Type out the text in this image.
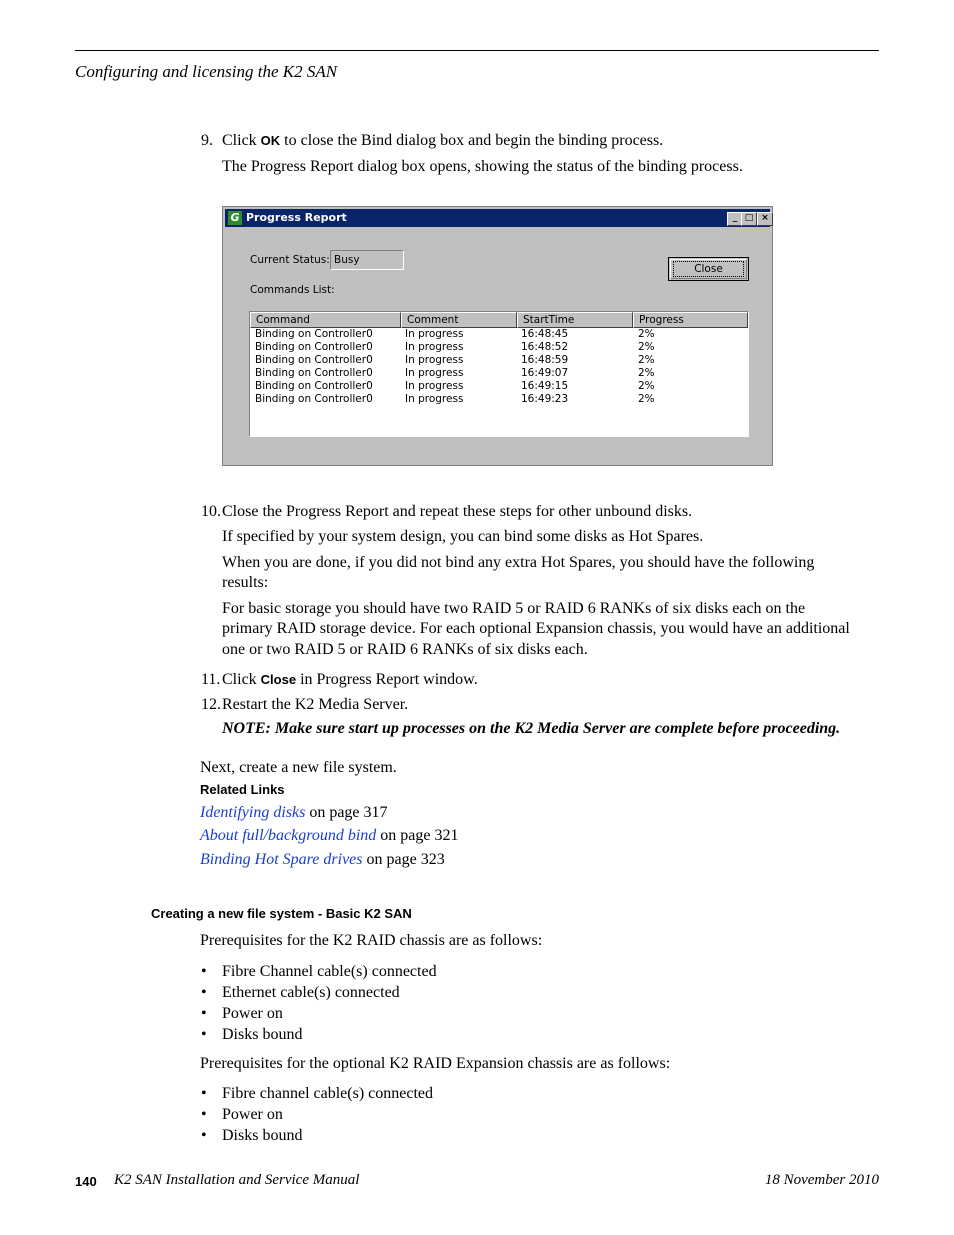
Configuring and licensing the K2 SAN
9. Click OK to close the Bind dialog box and begin the binding process.
The Progress Report dialog box opens, showing the status of the binding process.
G Progress Report	_ □ ×
Current Status: Busy
Commands List:
Close
Command	Comment	StartTime	Progress
Binding on Controller0	In progress	16:48:45	2%
Binding on Controller0	In progress	16:48:52	2%
Binding on Controller0	In progress	16:48:59	2%
Binding on Controller0	In progress	16:49:07	2%
Binding on Controller0	In progress	16:49:15	2%
Binding on Controller0	In progress	16:49:23	2%
10. Close the Progress Report and repeat these steps for other unbound disks.
If specified by your system design, you can bind some disks as Hot Spares.
When you are done, if you did not bind any extra Hot Spares, you should have the following
results:
For basic storage you should have two RAID 5 or RAID 6 RANKs of six disks each on the
primary RAID storage device. For each optional Expansion chassis, you would have an additional
one or two RAID 5 or RAID 6 RANKs of six disks each.
11. Click Close in Progress Report window.
12. Restart the K2 Media Server.
NOTE: Make sure start up processes on the K2 Media Server are complete before proceeding.
Next, create a new file system.
Related Links
Identifying disks on page 317
About full/background bind on page 321
Binding Hot Spare drives on page 323
Creating a new file system - Basic K2 SAN
Prerequisites for the K2 RAID chassis are as follows:
• Fibre Channel cable(s) connected
• Ethernet cable(s) connected
• Power on
• Disks bound
Prerequisites for the optional K2 RAID Expansion chassis are as follows:
• Fibre channel cable(s) connected
• Power on
• Disks bound
140 K2 SAN Installation and Service Manual	18 November 2010
